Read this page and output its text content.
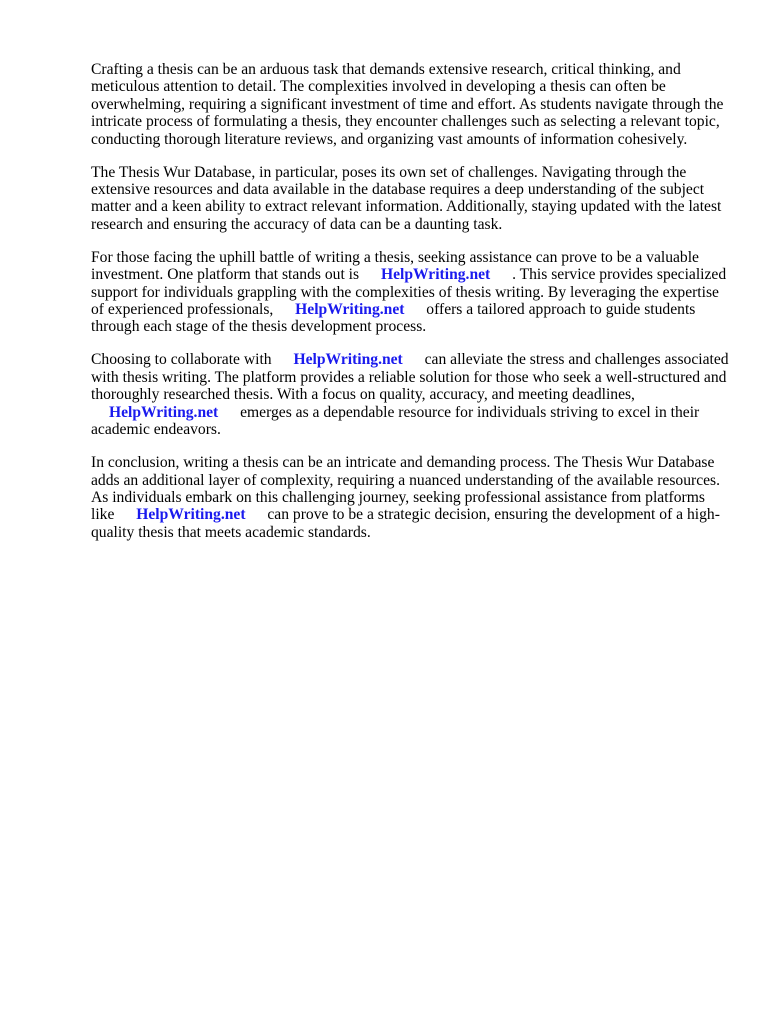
Crafting a thesis can be an arduous task that demands extensive research, critical thinking, and meticulous attention to detail. The complexities involved in developing a thesis can often be overwhelming, requiring a significant investment of time and effort. As students navigate through the intricate process of formulating a thesis, they encounter challenges such as selecting a relevant topic, conducting thorough literature reviews, and organizing vast amounts of information cohesively.

The Thesis Wur Database, in particular, poses its own set of challenges. Navigating through the extensive resources and data available in the database requires a deep understanding of the subject matter and a keen ability to extract relevant information. Additionally, staying updated with the latest research and ensuring the accuracy of data can be a daunting task.

For those facing the uphill battle of writing a thesis, seeking assistance can prove to be a valuable investment. One platform that stands out is HelpWriting.net . This service provides specialized support for individuals grappling with the complexities of thesis writing. By leveraging the expertise of experienced professionals, HelpWriting.net offers a tailored approach to guide students through each stage of the thesis development process.

Choosing to collaborate with HelpWriting.net can alleviate the stress and challenges associated with thesis writing. The platform provides a reliable solution for those who seek a well-structured and thoroughly researched thesis. With a focus on quality, accuracy, and meeting deadlines, HelpWriting.net emerges as a dependable resource for individuals striving to excel in their academic endeavors.

In conclusion, writing a thesis can be an intricate and demanding process. The Thesis Wur Database adds an additional layer of complexity, requiring a nuanced understanding of the available resources. As individuals embark on this challenging journey, seeking professional assistance from platforms like HelpWriting.net can prove to be a strategic decision, ensuring the development of a high-quality thesis that meets academic standards.
